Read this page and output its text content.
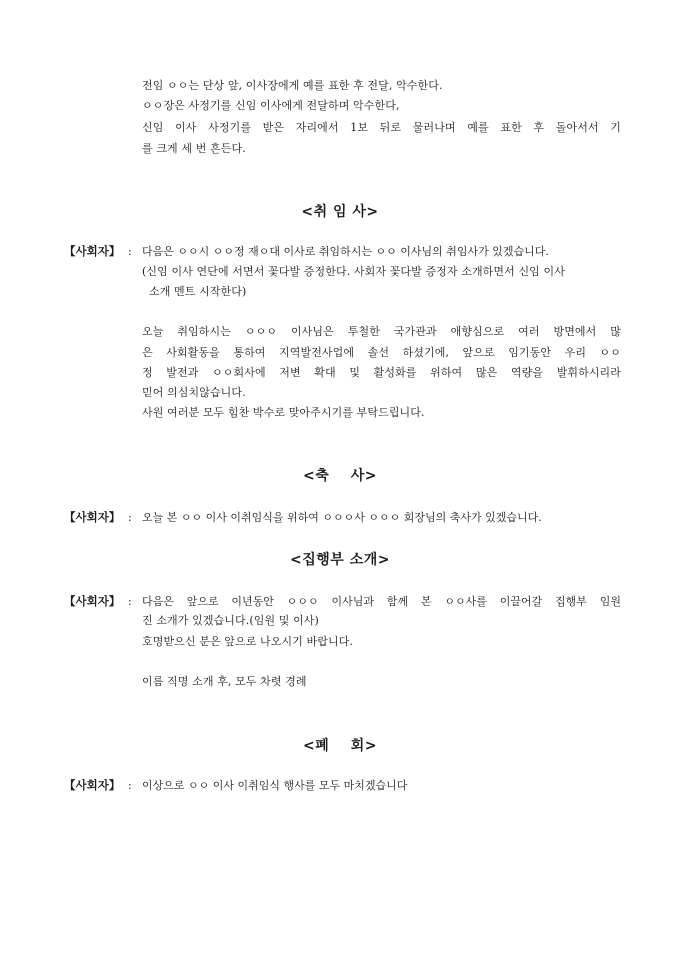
전임 ㅇㅇ는 단상 앞, 이사장에게 예를 표한 후 전달, 악수한다.
ㅇㅇ장은 사정기를 신임 이사에게 전달하며 악수한다,
신임 이사 사정기를 받은 자리에서 1보 뒤로 물러나며 예를 표한 후 돌아서서 기
를 크게 세 번 흔든다.
<취 임 사>
【사회자】 : 다음은 ㅇㅇ시 ㅇㅇ정 재ㅇ대 이사로 취임하시는 ㅇㅇ 이사님의 취임사가 있겠습니다.
(신임 이사 연단에 서면서 꽃다발 증정한다. 사회자 꽃다발 증정자 소개하면서 신임 이사
소개 멘트 시작한다)
오늘 취임하시는 ㅇㅇㅇ 이사님은 투철한 국가관과 애향심으로 여러 방면에서 많
은 사회활동을 통하여 지역발전사업에 솔선 하셨기에, 앞으로 임기동안 우리 ㅇㅇ
정 발전과 ㅇㅇ회사에 저변 확대 및 활성화를 위하여 많은 역량을 발휘하시리라
믿어 의심치않습니다.
사원 여러분 모두 힘찬 박수로 맞아주시기를 부탁드립니다.
<축    사>
【사회자】 : 오늘 본 ㅇㅇ 이사 이취임식을 위하여 ㅇㅇㅇ사 ㅇㅇㅇ 회장님의 축사가 있겠습니다.
<집행부 소개>
【사회자】 : 다음은 앞으로 이년동안 ㅇㅇㅇ 이사님과 함께 본 ㅇㅇ사를 이끌어갈 집행부 임원
진 소개가 있겠습니다.(임원 및 이사)
호명받으신 분은 앞으로 나오시기 바랍니다.
이름 직명 소개 후, 모두 차렷 경례
<폐    회>
【사회자】 : 이상으로 ㅇㅇ 이사 이취임식 행사를 모두 마치겠습니다
